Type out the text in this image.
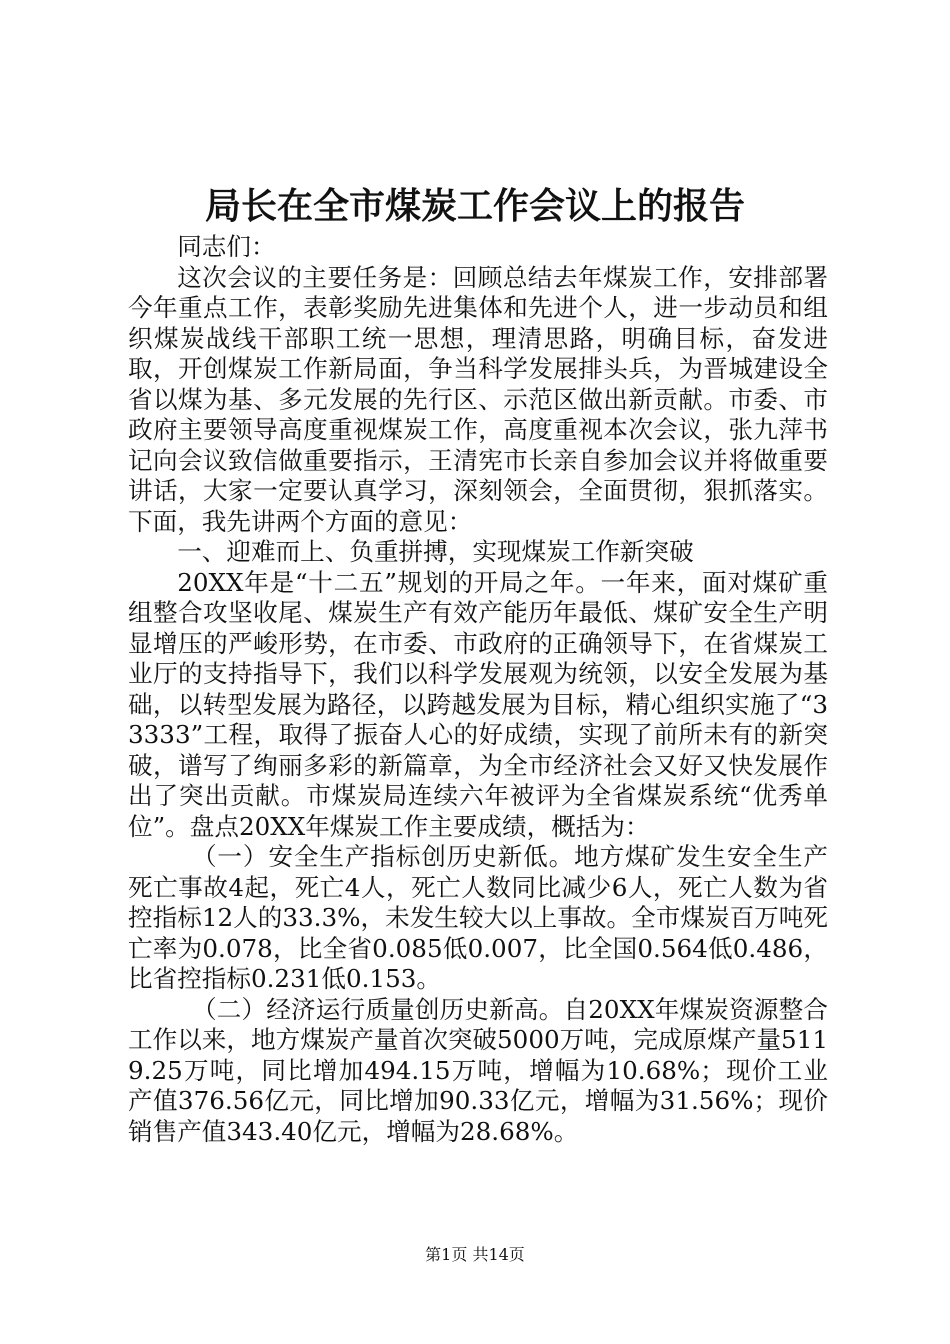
局长在全市煤炭工作会议上的报告

同志们：

这次会议的主要任务是：回顾总结去年煤炭工作，安排部署今年重点工作，表彰奖励先进集体和先进个人，进一步动员和组织煤炭战线干部职工统一思想，理清思路，明确目标，奋发进取，开创煤炭工作新局面，争当科学发展排头兵，为晋城建设全省以煤为基、多元发展的先行区、示范区做出新贡献。市委、市政府主要领导高度重视煤炭工作，高度重视本次会议，张九萍书记向会议致信做重要指示，王清宪市长亲自参加会议并将做重要讲话，大家一定要认真学习，深刻领会，全面贯彻，狠抓落实。下面，我先讲两个方面的意见：

一、迎难而上、负重拼搏，实现煤炭工作新突破

20XX年是“十二五”规划的开局之年。一年来，面对煤矿重组整合攻坚收尾、煤炭生产有效产能历年最低、煤矿安全生产明显增压的严峻形势，在市委、市政府的正确领导下，在省煤炭工业厅的支持指导下，我们以科学发展观为统领，以安全发展为基础，以转型发展为路径，以跨越发展为目标，精心组织实施了“33333”工程，取得了振奋人心的好成绩，实现了前所未有的新突破，谱写了绚丽多彩的新篇章，为全市经济社会又好又快发展作出了突出贡献。市煤炭局连续六年被评为全省煤炭系统“优秀单位”。盘点20XX年煤炭工作主要成绩，概括为：

（一）安全生产指标创历史新低。地方煤矿发生安全生产死亡事故4起，死亡4人，死亡人数同比减少6人，死亡人数为省控指标12人的33.3%，未发生较大以上事故。全市煤炭百万吨死亡率为0.078，比全省0.085低0.007，比全国0.564低0.486，比省控指标0.231低0.153。

（二）经济运行质量创历史新高。自20XX年煤炭资源整合工作以来，地方煤炭产量首次突破5000万吨，完成原煤产量5119.25万吨，同比增加494.15万吨，增幅为10.68%；现价工业产值376.56亿元，同比增加90.33亿元，增幅为31.56%；现价销售产值343.40亿元，增幅为28.68%。

第1页 共14页
